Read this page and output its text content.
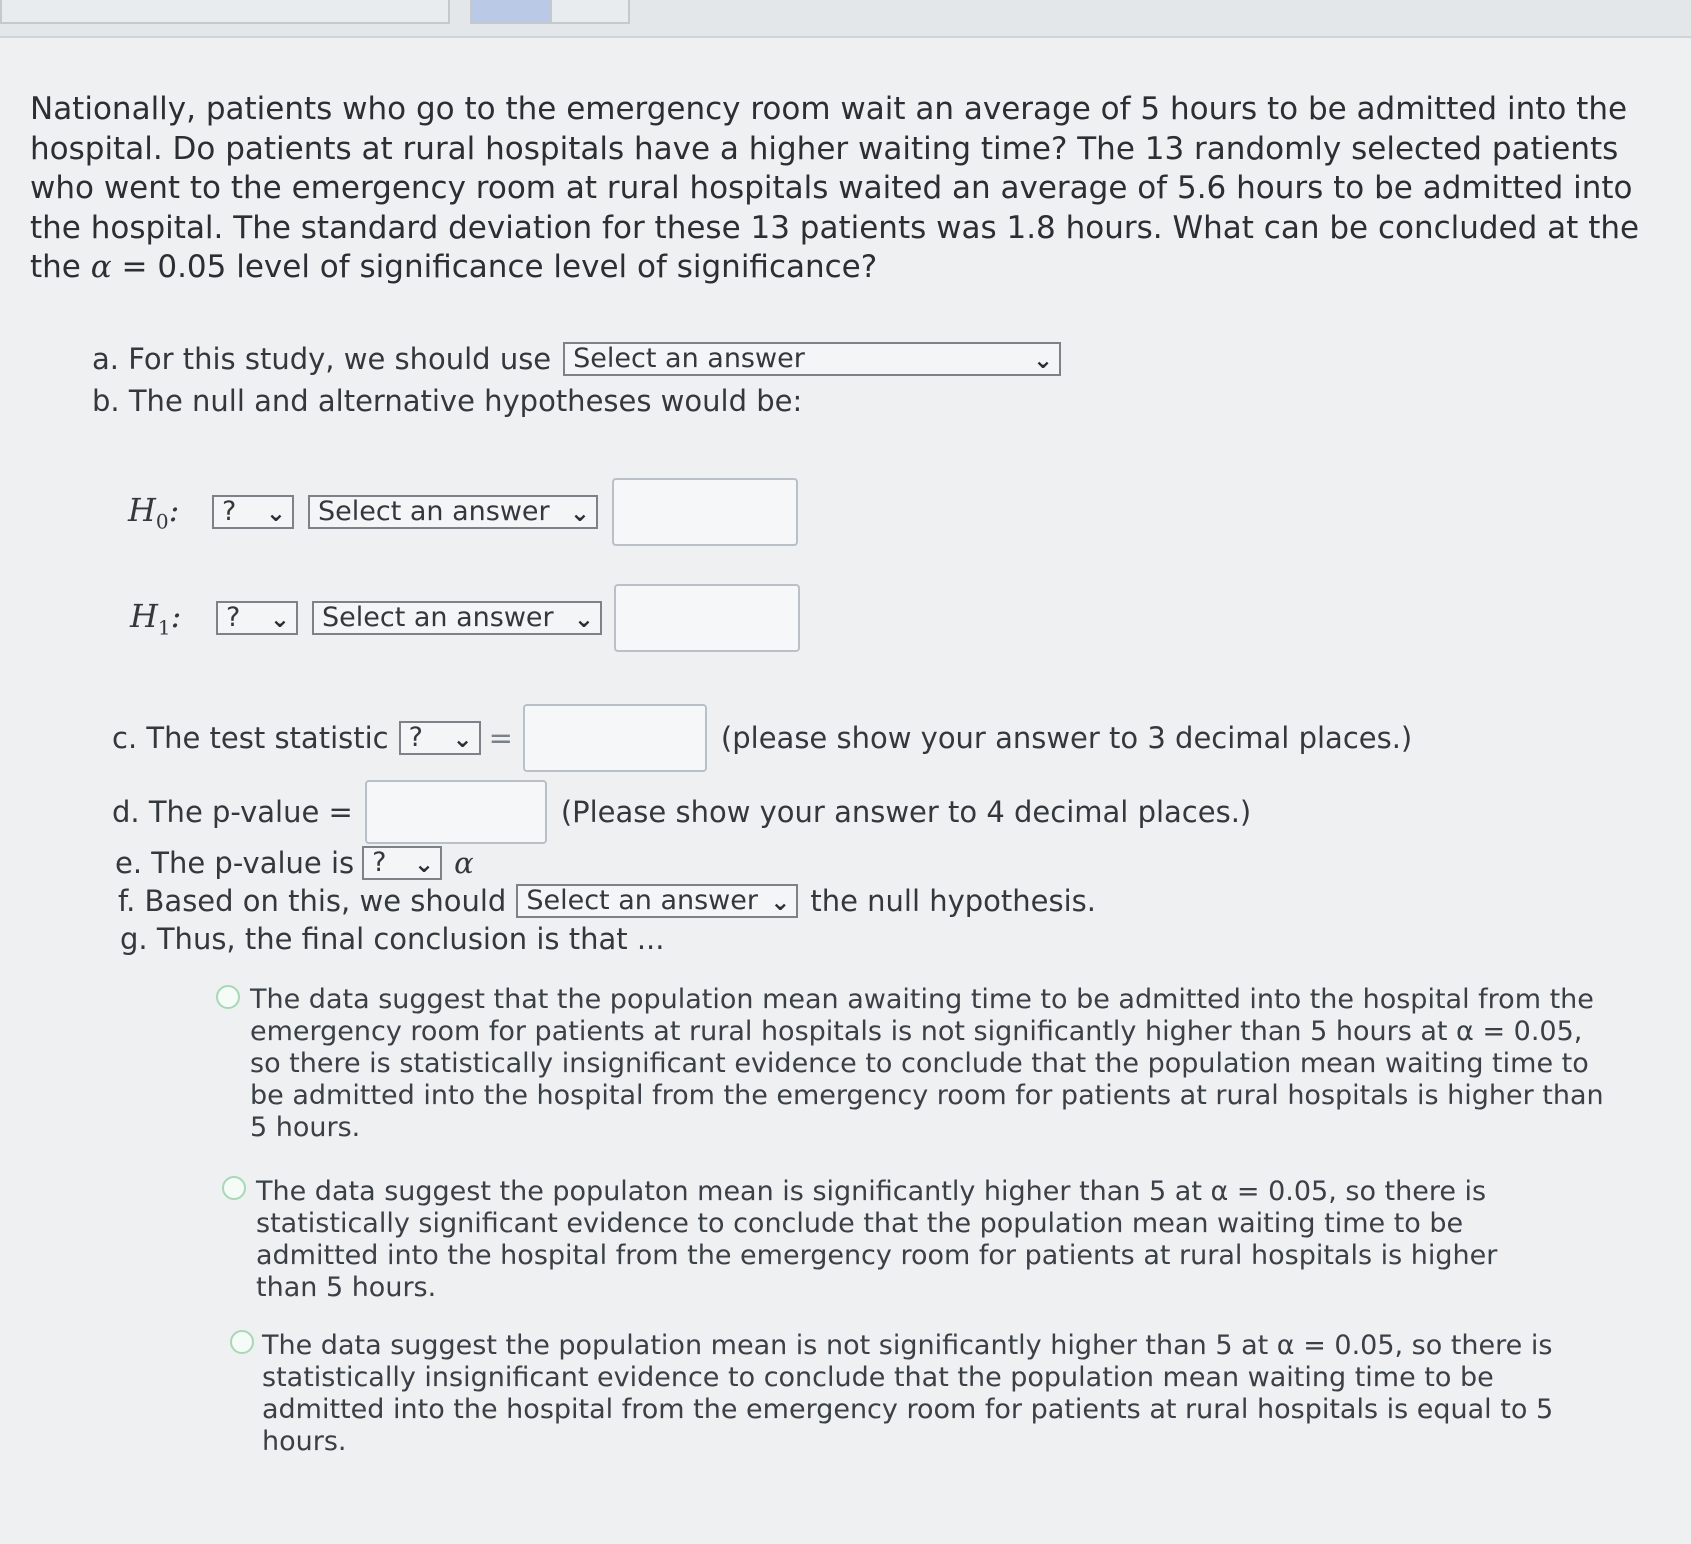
Nationally, patients who go to the emergency room wait an average of 5 hours to be admitted into the hospital. Do patients at rural hospitals have a higher waiting time? The 13 randomly selected patients who went to the emergency room at rural hospitals waited an average of 5.6 hours to be admitted into the hospital. The standard deviation for these 13 patients was 1.8 hours. What can be concluded at the the α = 0.05 level of significance level of significance?
a. For this study, we should use Select an answer	⌄
b. The null and alternative hypotheses would be:
$H_0$:	? ⌄	Select an answer ⌄
$H_1$:	? ⌄	Select an answer ⌄
c. The test statistic ? ⌄ =	(please show your answer to 3 decimal places.)
d. The p-value =	(Please show your answer to 4 decimal places.)
e. The p-value is ? ⌄ α
f. Based on this, we should Select an answer ⌄ the null hypothesis.
g. Thus, the final conclusion is that ...
The data suggest that the population mean awaiting time to be admitted into the hospital from the emergency room for patients at rural hospitals is not significantly higher than 5 hours at α = 0.05, so there is statistically insignificant evidence to conclude that the population mean waiting time to be admitted into the hospital from the emergency room for patients at rural hospitals is higher than 5 hours.
The data suggest the populaton mean is significantly higher than 5 at α = 0.05, so there is statistically significant evidence to conclude that the population mean waiting time to be admitted into the hospital from the emergency room for patients at rural hospitals is higher than 5 hours.
The data suggest the population mean is not significantly higher than 5 at α = 0.05, so there is statistically insignificant evidence to conclude that the population mean waiting time to be admitted into the hospital from the emergency room for patients at rural hospitals is equal to 5 hours.
